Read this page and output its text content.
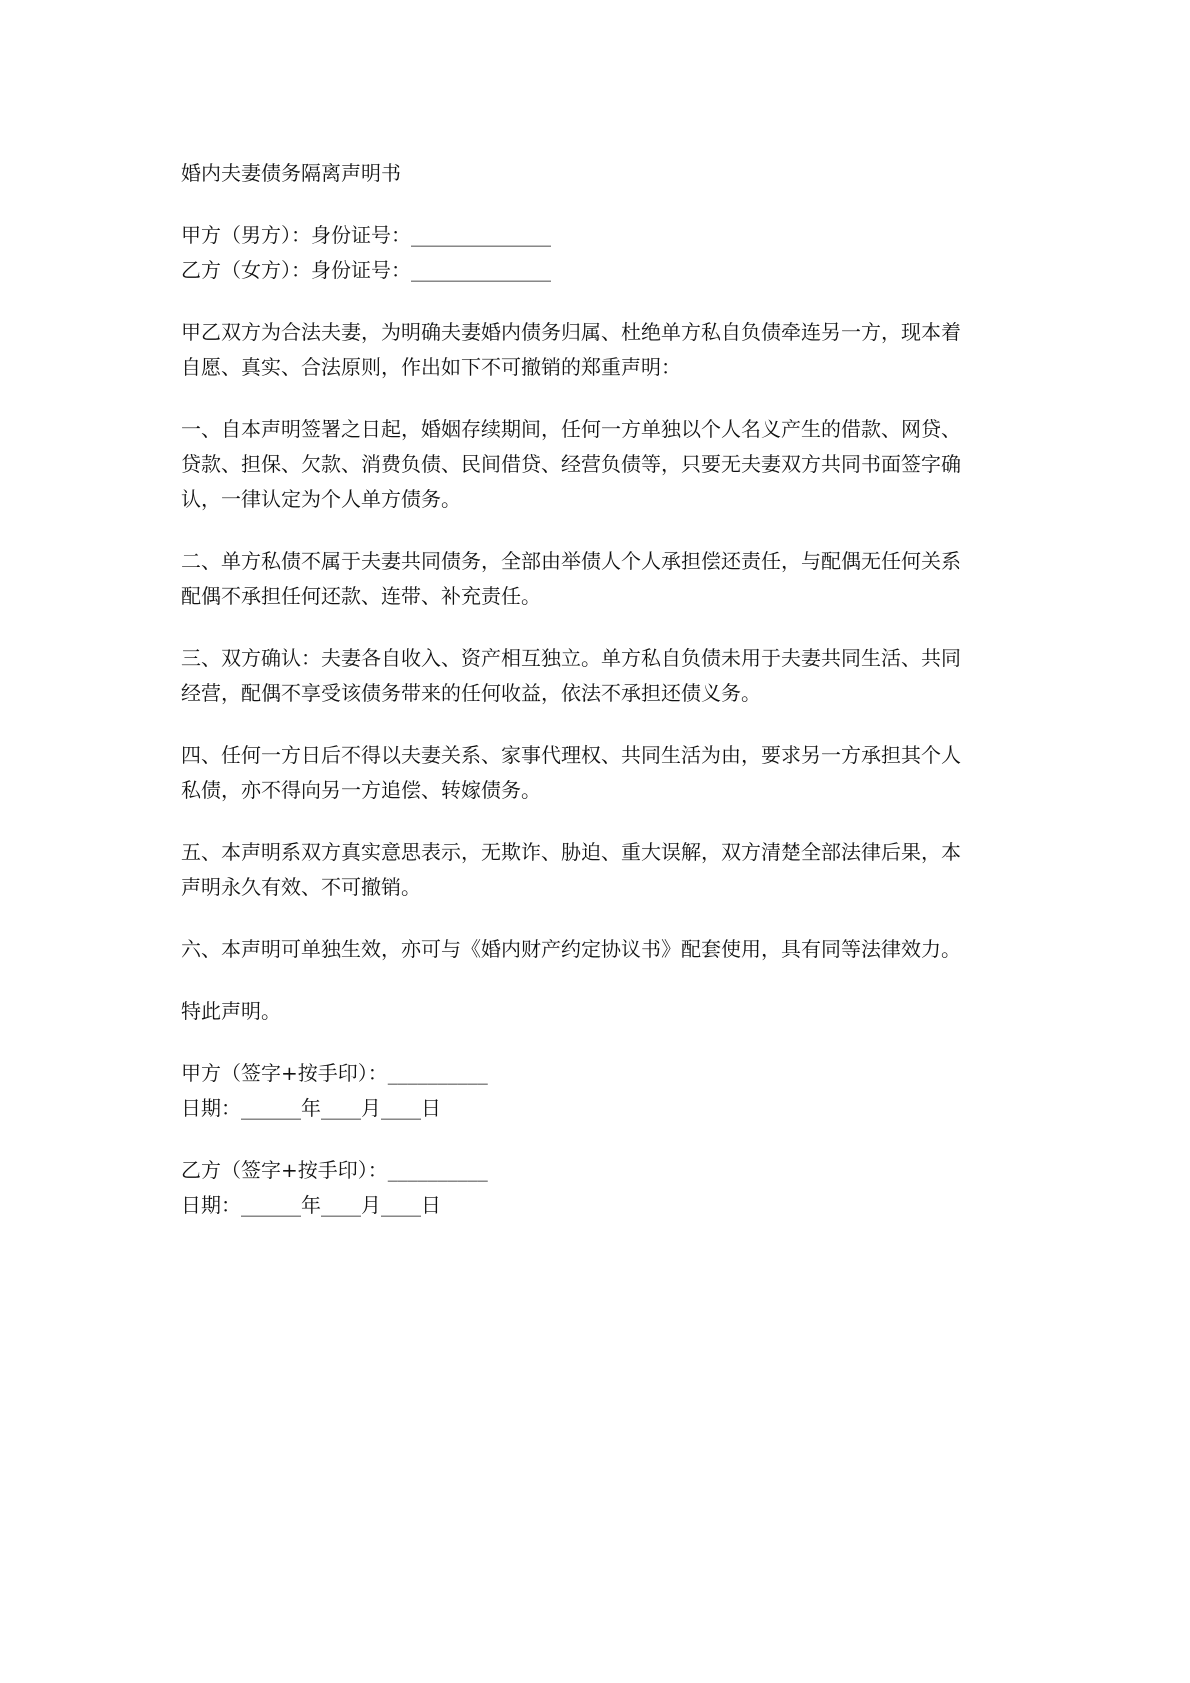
婚内夫妻债务隔离声明书
甲方（男方）：身份证号：______________
乙方（女方）：身份证号：______________
甲乙双方为合法夫妻，为明确夫妻婚内债务归属、杜绝单方私自负债牵连另一方，现本着
自愿、真实、合法原则，作出如下不可撤销的郑重声明：
一、自本声明签署之日起，婚姻存续期间，任何一方单独以个人名义产生的借款、网贷、
贷款、担保、欠款、消费负债、民间借贷、经营负债等，只要无夫妻双方共同书面签字确
认，一律认定为个人单方债务。
二、单方私债不属于夫妻共同债务，全部由举债人个人承担偿还责任，与配偶无任何关系
配偶不承担任何还款、连带、补充责任。
三、双方确认：夫妻各自收入、资产相互独立。单方私自负债未用于夫妻共同生活、共同
经营，配偶不享受该债务带来的任何收益，依法不承担还债义务。
四、任何一方日后不得以夫妻关系、家事代理权、共同生活为由，要求另一方承担其个人
私债，亦不得向另一方追偿、转嫁债务。
五、本声明系双方真实意思表示，无欺诈、胁迫、重大误解，双方清楚全部法律后果，本
声明永久有效、不可撤销。
六、本声明可单独生效，亦可与《婚内财产约定协议书》配套使用，具有同等法律效力。
特此声明。
甲方（签字+按手印）：__________
日期：______年____月____日
乙方（签字+按手印）：__________
日期：______年____月____日
